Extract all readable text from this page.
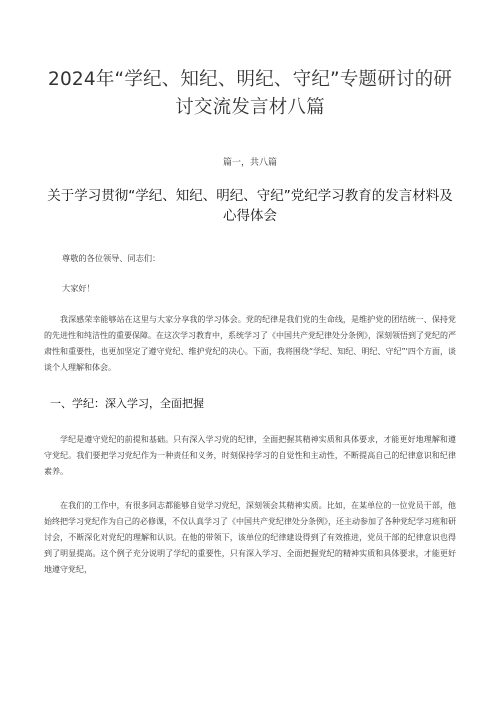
2024年“学纪、知纪、明纪、守纪”专题研讨的研讨交流发言材八篇
篇一，共八篇
关于学习贯彻“学纪、知纪、明纪、守纪”党纪学习教育的发言材料及心得体会
尊敬的各位领导、同志们：
大家好！

我深感荣幸能够站在这里与大家分享我的学习体会。党的纪律是我们党的生命线，是维护党的团结统一、保持党的先进性和纯洁性的重要保障。在这次学习教育中，系统学习了《中国共产党纪律处分条例》，深刻领悟到了党纪的严肃性和重要性，也更加坚定了遵守党纪、维护党纪的决心。下面，我将围绕“学纪、知纪、明纪、守纪”'四个方面，谈谈个人理解和体会。

一、学纪：深入学习，全面把握

学纪是遵守党纪的前提和基础。只有深入学习党的纪律，全面把握其精神实质和具体要求，才能更好地理解和遵守党纪。我们要把学习党纪作为一种责任和义务，时刻保持学习的自觉性和主动性，不断提高自己的纪律意识和纪律素养。

在我们的工作中，有很多同志都能够自觉学习党纪，深刻领会其精神实质。比如，在某单位的一位党员干部，他始终把学习党纪作为自己的必修课，不仅认真学习了《中国共产党纪律处分条例》，还主动参加了各种党纪学习班和研讨会，不断深化对党纪的理解和认识。在他的带领下，该单位的纪律建设得到了有效推进，党员干部的纪律意识也得到了明显提高。这个例子充分说明了学纪的重要性，只有深入学习、全面把握党纪的精神实质和具体要求，才能更好地遵守党纪，
